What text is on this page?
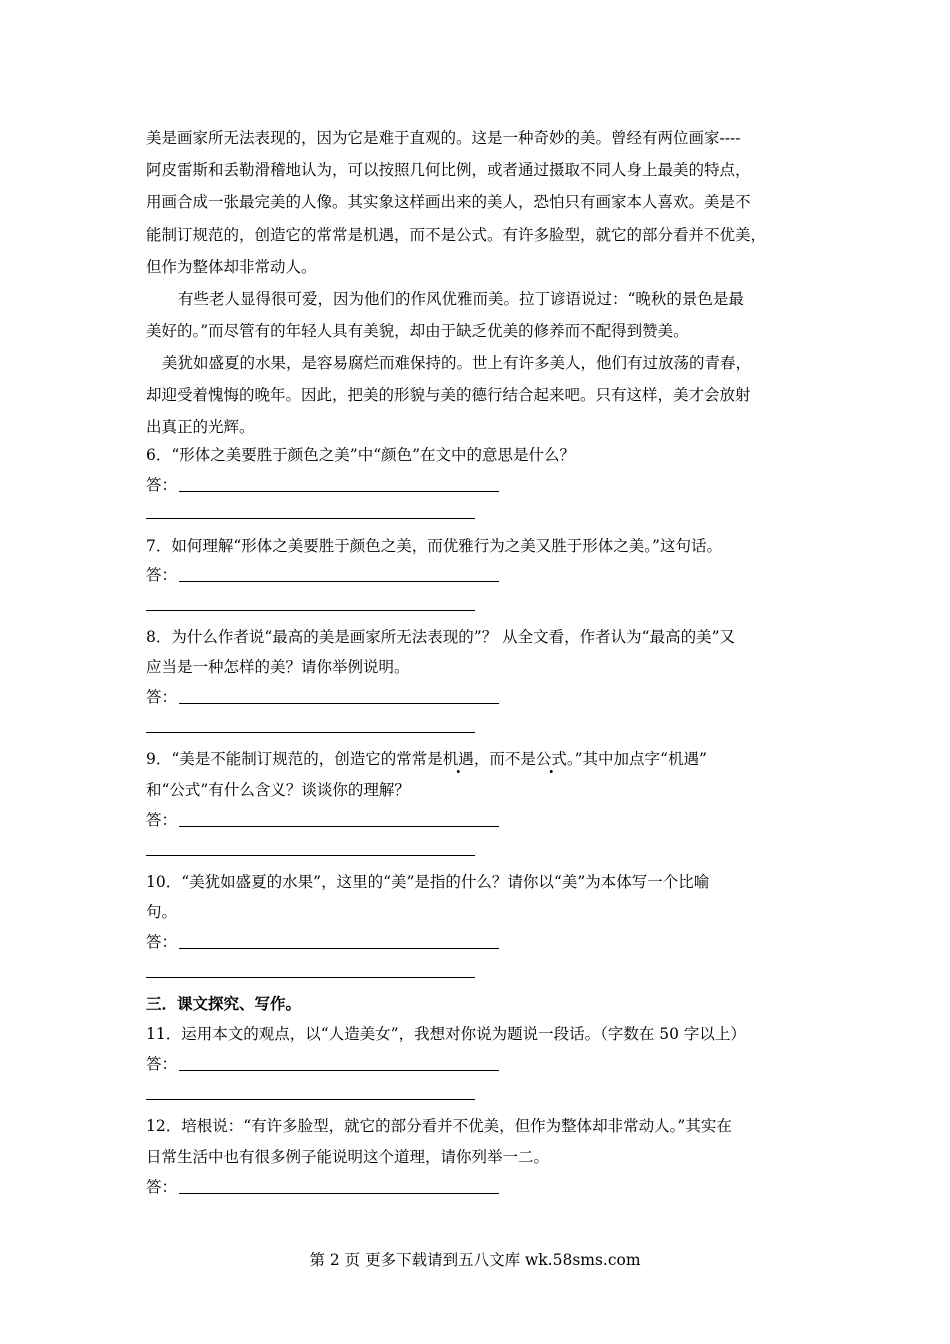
美是画家所无法表现的，因为它是难于直观的。这是一种奇妙的美。曾经有两位画家----
阿皮雷斯和丢勒滑稽地认为，可以按照几何比例，或者通过摄取不同人身上最美的特点，
用画合成一张最完美的人像。其实象这样画出来的美人，恐怕只有画家本人喜欢。美是不
能制订规范的，创造它的常常是机遇，而不是公式。有许多脸型，就它的部分看并不优美，
但作为整体却非常动人。
有些老人显得很可爱，因为他们的作风优雅而美。拉丁谚语说过：“晚秋的景色是最
美好的。”而尽管有的年轻人具有美貌，却由于缺乏优美的修养而不配得到赞美。
美犹如盛夏的水果，是容易腐烂而难保持的。世上有许多美人，他们有过放荡的青春，
却迎受着愧悔的晚年。因此，把美的形貌与美的德行结合起来吧。只有这样，美才会放射
出真正的光辉。
6．“形体之美要胜于颜色之美”中“颜色”在文中的意思是什么？
答：
7．如何理解“形体之美要胜于颜色之美，而优雅行为之美又胜于形体之美。”这句话。
答：
8．为什么作者说“最高的美是画家所无法表现的”？ 从全文看，作者认为“最高的美”又
应当是一种怎样的美？请你举例说明。
答：
9．“美是不能制订规范的，创造它的常常是机遇，而不是公式。”其中加点字“机遇”
和“公式”有什么含义？谈谈你的理解？
答：
10．“美犹如盛夏的水果”，这里的“美”是指的什么？请你以“美”为本体写一个比喻
句。
答：
三．课文探究、写作。
11．运用本文的观点，以“人造美女”，我想对你说为题说一段话。（字数在 50 字以上）
答：
12．培根说：“有许多脸型，就它的部分看并不优美，但作为整体却非常动人。”其实在
日常生活中也有很多例子能说明这个道理，请你列举一二。
答：
第 2 页 更多下载请到五八文库 wk.58sms.com
